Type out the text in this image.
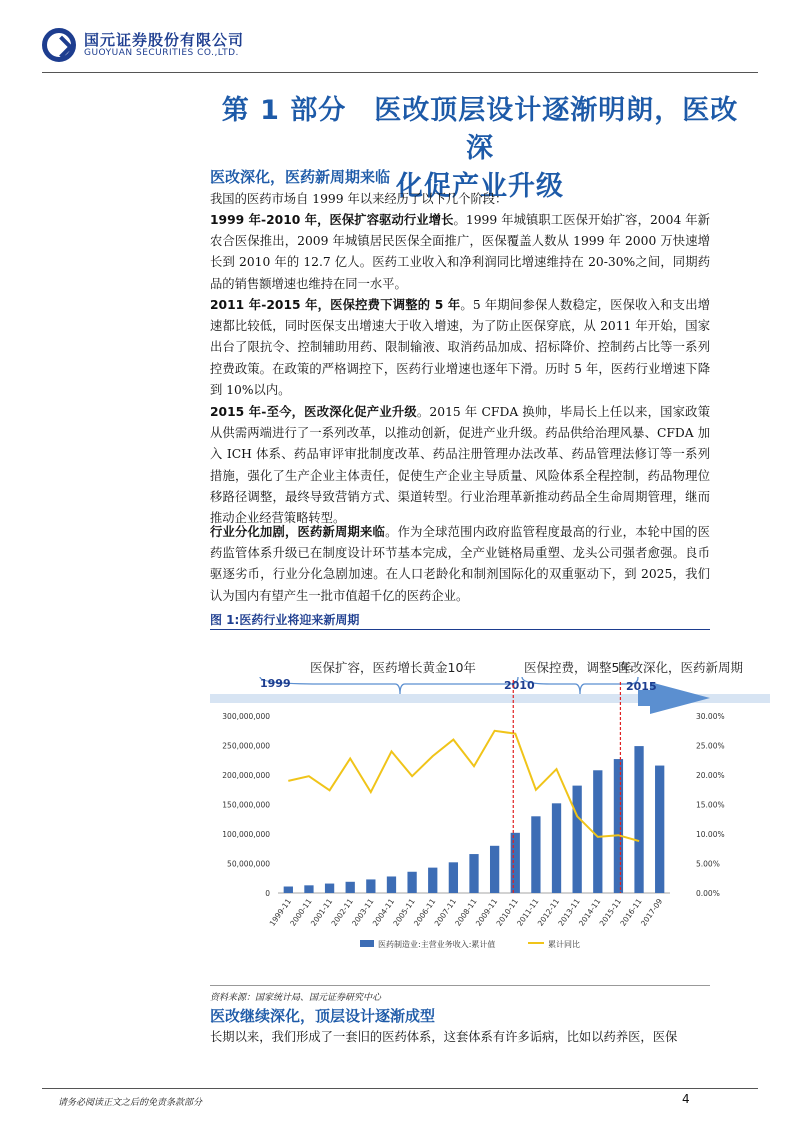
国元证券股份有限公司
GUOYUAN SECURITIES CO.,LTD.
第 1 部分　医改顶层设计逐渐明朗，医改深
化促产业升级
医改深化，医药新周期来临
我国的医药市场自 1999 年以来经历了以下几个阶段：
1999 年-2010 年，医保扩容驱动行业增长。1999 年城镇职工医保开始扩容，2004 年新农合医保推出，2009 年城镇居民医保全面推广，医保覆盖人数从 1999 年 2000 万快速增长到 2010 年的 12.7 亿人。医药工业收入和净利润同比增速维持在 20-30%之间，同期药品的销售额增速也维持在同一水平。
2011 年-2015 年，医保控费下调整的 5 年。5 年期间参保人数稳定，医保收入和支出增速都比较低，同时医保支出增速大于收入增速，为了防止医保穿底，从 2011 年开始，国家出台了限抗令、控制辅助用药、限制输液、取消药品加成、招标降价、控制药占比等一系列控费政策。在政策的严格调控下，医药行业增速也逐年下滑。历时 5 年，医药行业增速下降到 10%以内。
2015 年-至今，医改深化促产业升级。2015 年 CFDA 换帅，毕局长上任以来，国家政策从供需两端进行了一系列改革，以推动创新，促进产业升级。药品供给治理风暴、CFDA 加入 ICH 体系、药品审评审批制度改革、药品注册管理办法改革、药品管理法修订等一系列措施，强化了生产企业主体责任，促使生产企业主导质量、风险体系全程控制，药品物理位移路径调整，最终导致营销方式、渠道转型。行业治理革新推动药品全生命周期管理，继而推动企业经营策略转型。
行业分化加剧，医药新周期来临。作为全球范围内政府监管程度最高的行业，本轮中国的医药监管体系升级已在制度设计环节基本完成，全产业链格局重塑、龙头公司强者愈强。良币驱逐劣币，行业分化急剧加速。在人口老龄化和制剂国际化的双重驱动下，到 2025，我们认为国内有望产生一批市值超千亿的医药企业。
图 1:医药行业将迎来新周期
医保扩容，医药增长黄金10年	医保控费，调整5年
医改深化，医药新周期
1999	2010	2015
0
50,000,000
100,000,000
150,000,000
200,000,000
250,000,000
300,000,000
0.00%
5.00%
10.00%
15.00%
20.00%
25.00%
30.00%
1999-11
2000-11
2001-11
2002-11
2003-11
2004-11
2005-11
2006-11
2007-11
2008-11
2009-11
2010-11
2011-11
2012-11
2013-11
2014-11
2015-11
2016-11
2017-09
医药制造业:主营业务收入:累计值	累计同比
资料来源：国家统计局、国元证券研究中心
医改继续深化，顶层设计逐渐成型
长期以来，我们形成了一套旧的医药体系，这套体系有许多诟病，比如以药养医，医保
请务必阅读正文之后的免责条款部分	4
